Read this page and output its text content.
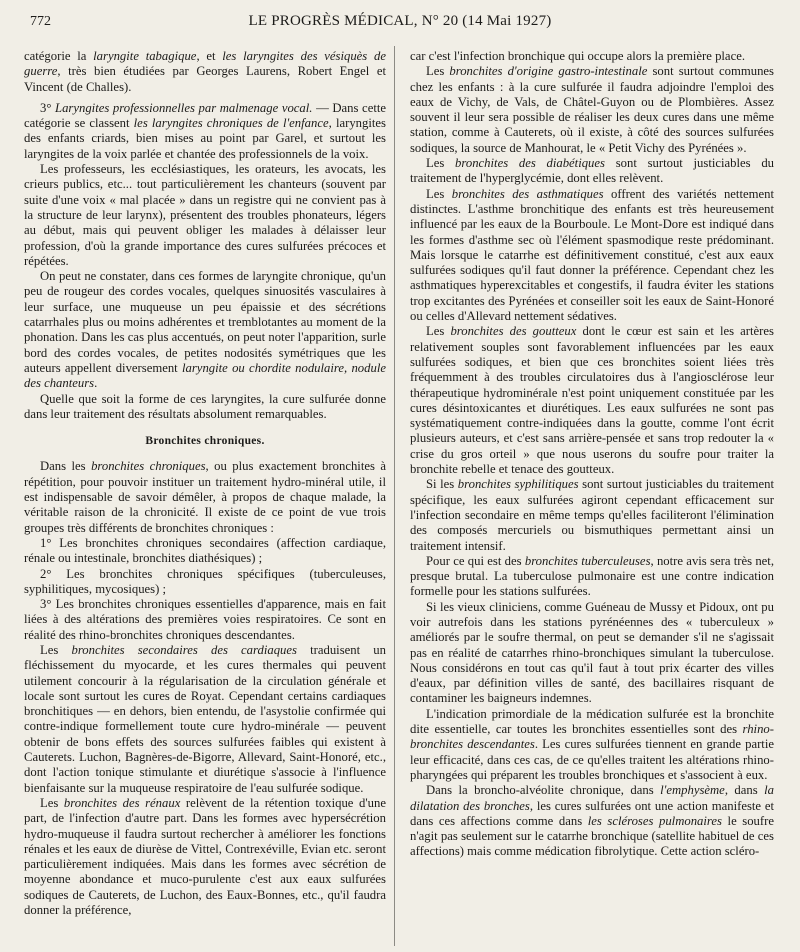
772	LE PROGRÈS MÉDICAL, N° 20 (14 Mai 1927)

catégorie la laryngite tabagique, et les laryngites des vésiquès de guerre, très bien étudiées par Georges Laurens, Robert Engel et Vincent (de Challes).

3° Laryngites professionnelles par malmenage vocal. — Dans cette catégorie se classent les laryngites chroniques de l'enfance, laryngites des enfants criards, bien mises au point par Garel, et surtout les laryngites de la voix parlée et chantée des professionnels de la voix.

Les professeurs, les ecclésiastiques, les orateurs, les avocats, les crieurs publics, etc... tout particulièrement les chanteurs (souvent par suite d'une voix « mal placée » dans un registre qui ne convient pas à la structure de leur larynx), présentent des troubles phonateurs, légers au début, mais qui peuvent obliger les malades à délaisser leur profession, d'où la grande importance des cures sulfurées précoces et répétées.

On peut ne constater, dans ces formes de laryngite chronique, qu'un peu de rougeur des cordes vocales, quelques sinuosités vasculaires à leur surface, une muqueuse un peu épaissie et des sécrétions catarrhales plus ou moins adhérentes et tremblotantes au moment de la phonation. Dans les cas plus accentués, on peut noter l'apparition, surle bord des cordes vocales, de petites nodosités symétriques que les auteurs appellent diversement laryngite ou chordite nodulaire, nodule des chanteurs.

Quelle que soit la forme de ces laryngites, la cure sulfurée donne dans leur traitement des résultats absolument remarquables.

Bronchites chroniques.

Dans les bronchites chroniques, ou plus exactement bronchites à répétition, pour pouvoir instituer un traitement hydro-minéral utile, il est indispensable de savoir démêler, à propos de chaque malade, la véritable raison de la chronicité. Il existe de ce point de vue trois groupes très différents de bronchites chroniques :

1° Les bronchites chroniques secondaires (affection cardiaque, rénale ou intestinale, bronchites diathésiques) ;

2° Les bronchites chroniques spécifiques (tuberculeuses, syphilitiques, mycosiques) ;

3° Les bronchites chroniques essentielles d'apparence, mais en fait liées à des altérations des premières voies respiratoires. Ce sont en réalité des rhino-bronchites chroniques descendantes.

Les bronchites secondaires des cardiaques traduisent un fléchissement du myocarde, et les cures thermales qui peuvent utilement concourir à la régularisation de la circulation générale et locale sont surtout les cures de Royat. Cependant certains cardiaques bronchitiques — en dehors, bien entendu, de l'asystolie confirmée qui contre-indique formellement toute cure hydro-minérale — peuvent obtenir de bons effets des sources sulfurées faibles qui existent à Cauterets. Luchon, Bagnères-de-Bigorre, Allevard, Saint-Honoré, etc., dont l'action tonique stimulante et diurétique s'associe à l'influence bienfaisante sur la muqueuse respiratoire de l'eau sulfurée sodique.

Les bronchites des rénaux relèvent de la rétention toxique d'une part, de l'infection d'autre part. Dans les formes avec hypersécrétion hydro-muqueuse il faudra surtout rechercher à améliorer les fonctions rénales et les eaux de diurèse de Vittel, Contrexéville, Evian etc. seront particulièrement indiquées. Mais dans les formes avec sécrétion de moyenne abondance et muco-purulente c'est aux eaux sulfurées sodiques de Cauterets, de Luchon, des Eaux-Bonnes, etc., qu'il faudra donner la préférence,

car c'est l'infection bronchique qui occupe alors la première place.

Les bronchites d'origine gastro-intestinale sont surtout communes chez les enfants : à la cure sulfurée il faudra adjoindre l'emploi des eaux de Vichy, de Vals, de Châtel-Guyon ou de Plombières. Assez souvent il leur sera possible de réaliser les deux cures dans une même station, comme à Cauterets, où il existe, à côté des sources sulfurées sodiques, la source de Manhourat, le « Petit Vichy des Pyrénées ».

Les bronchites des diabétiques sont surtout justiciables du traitement de l'hyperglycémie, dont elles relèvent.

Les bronchites des asthmatiques offrent des variétés nettement distinctes. L'asthme bronchitique des enfants est très heureusement influencé par les eaux de la Bourboule. Le Mont-Dore est indiqué dans les formes d'asthme sec où l'élément spasmodique reste prédominant. Mais lorsque le catarrhe est définitivement constitué, c'est aux eaux sulfurées sodiques qu'il faut donner la préférence. Cependant chez les asthmatiques hyperexcitables et congestifs, il faudra éviter les stations trop excitantes des Pyrénées et conseiller soit les eaux de Saint-Honoré ou celles d'Allevard nettement sédatives.

Les bronchites des goutteux dont le cœur est sain et les artères relativement souples sont favorablement influencées par les eaux sulfurées sodiques, et bien que ces bronchites soient liées très fréquemment à des troubles circulatoires dus à l'angiosclérose leur thérapeutique hydrominérale n'est point uniquement constituée par les cures désintoxicantes et diurétiques. Les eaux sulfurées ne sont pas systématiquement contre-indiquées dans la goutte, comme l'ont écrit plusieurs auteurs, et c'est sans arrière-pensée et sans trop redouter la « crise du gros orteil » que nous userons du soufre pour traiter la bronchite rebelle et tenace des goutteux.

Si les bronchites syphilitiques sont surtout justiciables du traitement spécifique, les eaux sulfurées agiront cependant efficacement sur l'infection secondaire en même temps qu'elles faciliteront l'élimination des composés mercuriels ou bismuthiques permettant ainsi un traitement intensif.

Pour ce qui est des bronchites tuberculeuses, notre avis sera très net, presque brutal. La tuberculose pulmonaire est une contre indication formelle pour les stations sulfurées.

Si les vieux cliniciens, comme Guéneau de Mussy et Pidoux, ont pu voir autrefois dans les stations pyrénéennes des « tuberculeux » améliorés par le soufre thermal, on peut se demander s'il ne s'agissait pas en réalité de catarrhes rhino-bronchiques simulant la tuberculose. Nous considérons en tout cas qu'il faut à tout prix écarter des villes d'eaux, par définition villes de santé, des bacillaires risquant de contaminer les baigneurs indemnes.

L'indication primordiale de la médication sulfurée est la bronchite dite essentielle, car toutes les bronchites essentielles sont des rhino-bronchites descendantes. Les cures sulfurées tiennent en grande partie leur efficacité, dans ces cas, de ce qu'elles traitent les altérations rhino-pharyngées qui préparent les troubles bronchiques et s'associent à eux.

Dans la broncho-alvéolite chronique, dans l'emphysème, dans la dilatation des bronches, les cures sulfurées ont une action manifeste et dans ces affections comme dans les scléroses pulmonaires le soufre n'agit pas seulement sur le catarrhe bronchique (satellite habituel de ces affections) mais comme médication fibrolytique. Cette action scléro-
